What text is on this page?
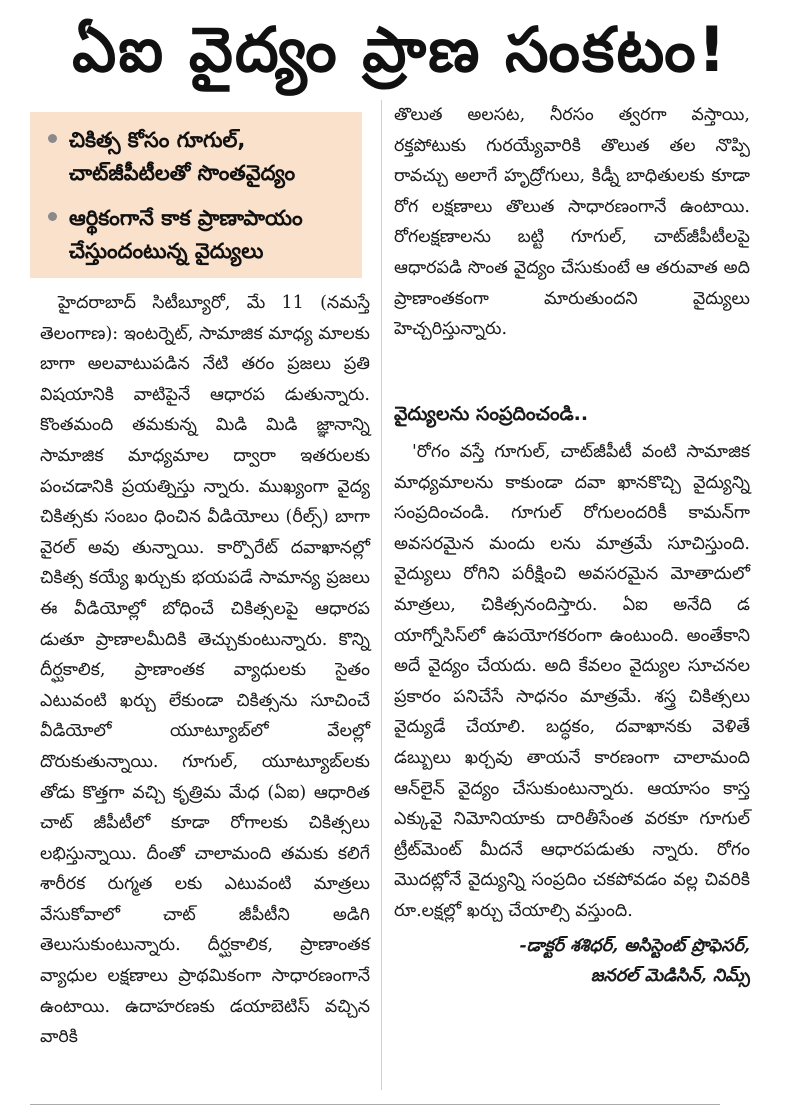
ఏఐ వైద్యం ప్రాణ సంకటం!
చికిత్స కోసం గూగుల్, చాట్‌జీపీటీలతో సొంతవైద్యం
ఆర్థికంగానే కాక ప్రాణాపాయం చేస్తుందంటున్న వైద్యులు

హైదరాబాద్ సిటీబ్యూరో, మే 11 (నమస్తే తెలంగాణ): ఇంటర్నెట్, సామాజిక మాధ్య మాలకు బాగా అలవాటుపడిన నేటి తరం ప్రజలు ప్రతి విషయానికి వాటిపైనే ఆధారప డుతున్నారు. కొంతమంది తమకున్న మిడి మిడి జ్ఞానాన్ని సామాజిక మాధ్యమాల ద్వారా ఇతరులకు పంచడానికి ప్రయత్నిస్తు న్నారు. ముఖ్యంగా వైద్య చికిత్సకు సంబం ధించిన వీడియోలు (రీల్స్) బాగా వైరల్ అవు తున్నాయి. కార్పొరేట్ దవాఖానల్లో చికిత్స కయ్యే ఖర్చుకు భయపడే సామాన్య ప్రజలు ఈ వీడియోల్లో బోధించే చికిత్సలపై ఆధారప డుతూ ప్రాణాలమీదికి తెచ్చుకుంటున్నారు. కొన్ని దీర్ఘకాలిక, ప్రాణాంతక వ్యాధులకు సైతం ఎటువంటి ఖర్చు లేకుండా చికిత్సను సూచించే వీడియోలో యూట్యూబ్‌లో వేలల్లో దొరుకుతున్నాయి. గూగుల్, యూట్యూబ్‌లకు తోడు కొత్తగా వచ్చి కృత్రిమ మేధ (ఏఐ) ఆధారిత చాట్ జీపీటీలో కూడా రోగాలకు చికిత్సలు లభిస్తున్నాయి. దీంతో చాలామంది తమకు కలిగే శారీరక రుగ్మత లకు ఎటువంటి మాత్రలు వేసుకోవాలో చాట్ జీపీటీని అడిగి తెలుసుకుంటున్నారు. దీర్ఘకాలిక, ప్రాణాంతక వ్యాధుల లక్షణాలు ప్రాథమికంగా సాధారణంగానే ఉంటాయి. ఉదాహరణకు డయాబెటిస్ వచ్చిన వారికి

తొలుత అలసట, నీరసం త్వరగా వస్తాయి, రక్తపోటుకు గురయ్యేవారికి తొలుత తల నొప్పి రావచ్చు అలాగే హృద్రోగులు, కిడ్నీ బాధితులకు కూడా రోగ లక్షణాలు తొలుత సాధారణంగానే ఉంటాయి. రోగలక్షణాలను బట్టి గూగుల్, చాట్‌జీపీటీలపై ఆధారపడి సొంత వైద్యం చేసుకుంటే ఆ తరువాత అది ప్రాణాంతకంగా మారుతుందని వైద్యులు హెచ్చరిస్తున్నారు.

వైద్యులను సంప్రదించండి..

'రోగం వస్తే గూగుల్, చాట్‌జీపీటీ వంటి సామాజిక మాధ్యమాలను కాకుండా దవా ఖానకొచ్చి వైద్యున్ని సంప్రదించండి. గూగుల్ రోగులందరికీ కామన్‌గా అవసరమైన మందు లను మాత్రమే సూచిస్తుంది. వైద్యులు రోగిని పరీక్షించి అవసరమైన మోతాదులో మాత్రలు, చికిత్సనందిస్తారు. ఏఐ అనేది డ యాగ్నోసిస్‌లో ఉపయోగకరంగా ఉంటుంది. అంతేకాని అదే వైద్యం చేయదు. అది కేవలం వైద్యుల సూచనల ప్రకారం పనిచేసే సాధనం మాత్రమే. శస్త్ర చికిత్సలు వైద్యుడే చేయాలి. బద్ధకం, దవాఖానకు వెళితే డబ్బులు ఖర్చవు తాయనే కారణంగా చాలామంది ఆన్‌లైన్ వైద్యం చేసుకుంటున్నారు. ఆయాసం కాస్త ఎక్కువై నిమోనియాకు దారితీసేంత వరకూ గూగుల్ ట్రీట్‌మెంట్ మీదనే ఆధారపడుతు న్నారు. రోగం మొదట్లోనే వైద్యున్ని సంప్రదిం చకపోవడం వల్ల చివరికి రూ.లక్షల్లో ఖర్చు చేయాల్సి వస్తుంది.

-డాక్టర్ శశిధర్, అసిస్టెంట్ ప్రొఫెసర్,
జనరల్ మెడిసిన్, నిమ్స్
